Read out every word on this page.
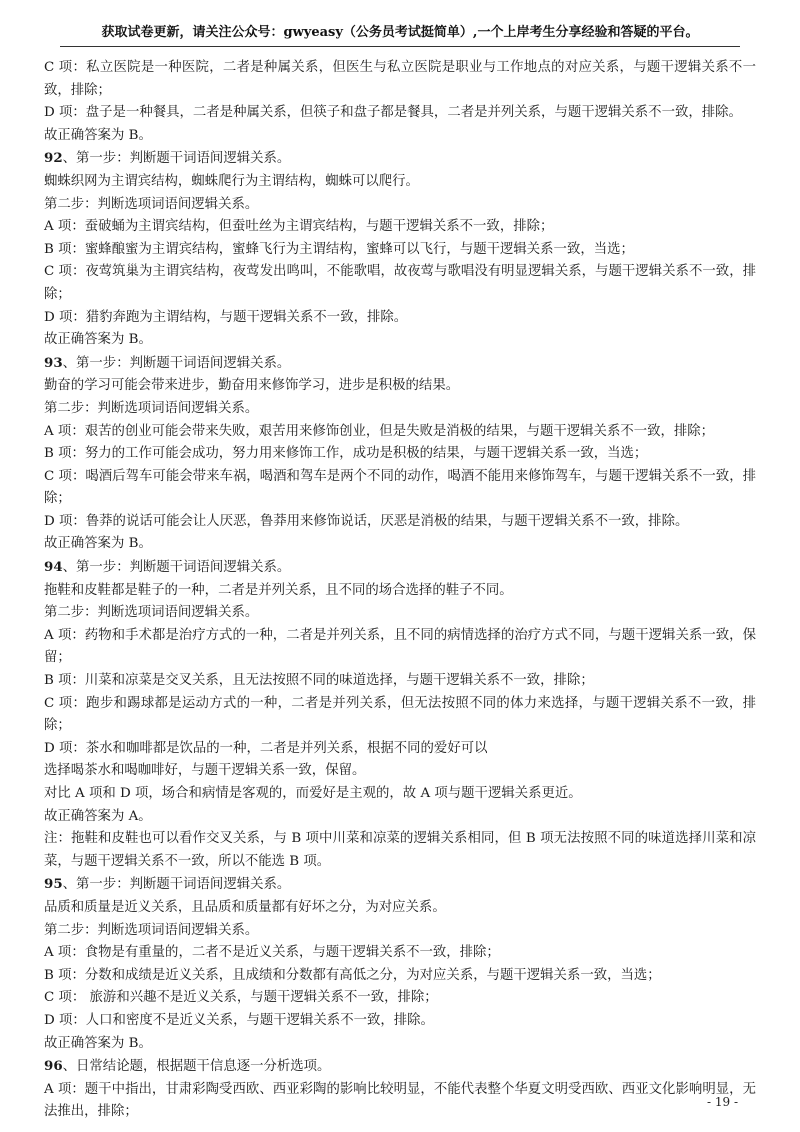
获取试卷更新，请关注公众号：gwyeasy（公务员考试挺简单）,一个上岸考生分享经验和答疑的平台。

C 项：私立医院是一种医院，二者是种属关系，但医生与私立医院是职业与工作地点的对应关系，与题干逻辑关系不一致，排除；

D 项：盘子是一种餐具，二者是种属关系，但筷子和盘子都是餐具，二者是并列关系，与题干逻辑关系不一致，排除。

故正确答案为 B。

92、第一步：判断题干词语间逻辑关系。

蜘蛛织网为主谓宾结构，蜘蛛爬行为主谓结构，蜘蛛可以爬行。

第二步：判断选项词语间逻辑关系。

A 项：蚕破蛹为主谓宾结构，但蚕吐丝为主谓宾结构，与题干逻辑关系不一致，排除；

B 项：蜜蜂酿蜜为主谓宾结构，蜜蜂飞行为主谓结构，蜜蜂可以飞行，与题干逻辑关系一致，当选；

C 项：夜莺筑巢为主谓宾结构，夜莺发出鸣叫，不能歌唱，故夜莺与歌唱没有明显逻辑关系，与题干逻辑关系不一致，排除；

D 项：猎豹奔跑为主谓结构，与题干逻辑关系不一致，排除。

故正确答案为 B。

93、第一步：判断题干词语间逻辑关系。

勤奋的学习可能会带来进步，勤奋用来修饰学习，进步是积极的结果。

第二步：判断选项词语间逻辑关系。

A 项：艰苦的创业可能会带来失败，艰苦用来修饰创业，但是失败是消极的结果，与题干逻辑关系不一致，排除；

B 项：努力的工作可能会成功，努力用来修饰工作，成功是积极的结果，与题干逻辑关系一致，当选；

C 项：喝酒后驾车可能会带来车祸，喝酒和驾车是两个不同的动作，喝酒不能用来修饰驾车，与题干逻辑关系不一致，排除；

D 项：鲁莽的说话可能会让人厌恶，鲁莽用来修饰说话，厌恶是消极的结果，与题干逻辑关系不一致，排除。

故正确答案为 B。

94、第一步：判断题干词语间逻辑关系。

拖鞋和皮鞋都是鞋子的一种，二者是并列关系，且不同的场合选择的鞋子不同。

第二步：判断选项词语间逻辑关系。

A 项：药物和手术都是治疗方式的一种，二者是并列关系，且不同的病情选择的治疗方式不同，与题干逻辑关系一致，保留；

B 项：川菜和凉菜是交叉关系，且无法按照不同的味道选择，与题干逻辑关系不一致，排除；

C 项：跑步和踢球都是运动方式的一种，二者是并列关系，但无法按照不同的体力来选择，与题干逻辑关系不一致，排除；

D 项：茶水和咖啡都是饮品的一种，二者是并列关系，根据不同的爱好可以

选择喝茶水和喝咖啡好，与题干逻辑关系一致，保留。

对比 A 项和 D 项，场合和病情是客观的，而爱好是主观的，故 A 项与题干逻辑关系更近。

故正确答案为 A。

注：拖鞋和皮鞋也可以看作交叉关系，与 B 项中川菜和凉菜的逻辑关系相同，但 B 项无法按照不同的味道选择川菜和凉菜，与题干逻辑关系不一致，所以不能选 B 项。

95、第一步：判断题干词语间逻辑关系。

品质和质量是近义关系，且品质和质量都有好坏之分，为对应关系。

第二步：判断选项词语间逻辑关系。

A 项：食物是有重量的，二者不是近义关系，与题干逻辑关系不一致，排除；

B 项：分数和成绩是近义关系，且成绩和分数都有高低之分，为对应关系，与题干逻辑关系一致，当选；

C 项： 旅游和兴趣不是近义关系，与题干逻辑关系不一致，排除；

D 项：人口和密度不是近义关系，与题干逻辑关系不一致，排除。

故正确答案为 B。

96、日常结论题，根据题干信息逐一分析选项。

A 项：题干中指出，甘肃彩陶受西欧、西亚彩陶的影响比较明显，不能代表整个华夏文明受西欧、西亚文化影响明显，无法推出，排除；

- 19 -
